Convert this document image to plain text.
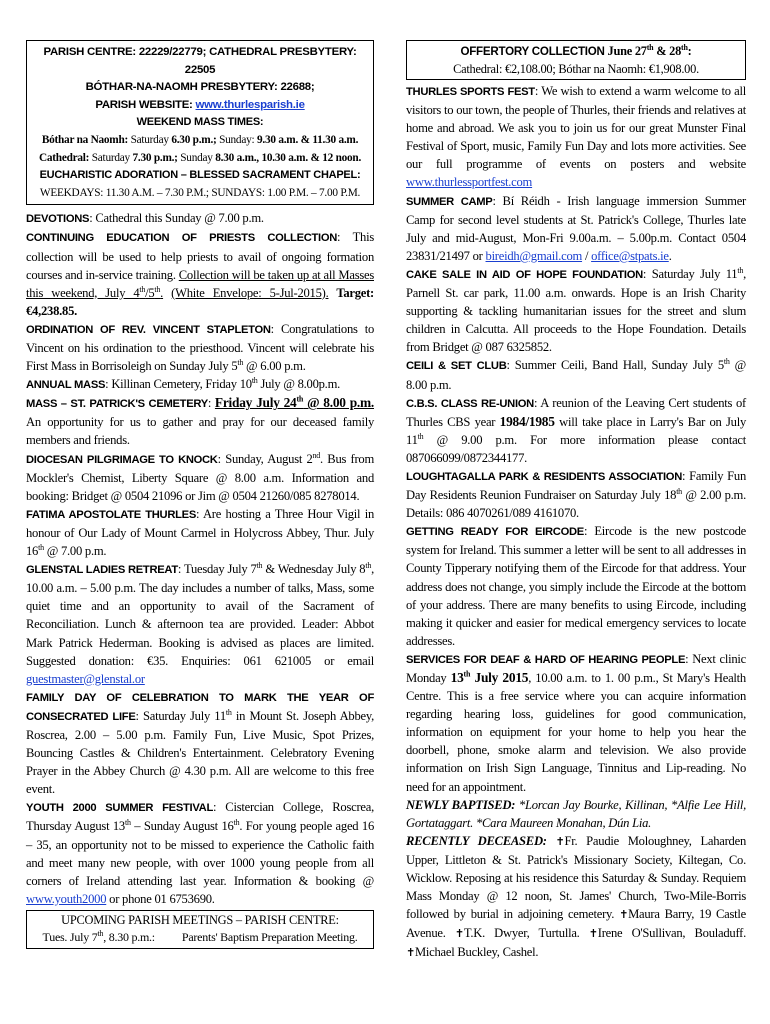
PARISH CENTRE: 22229/22779; CATHEDRAL PRESBYTERY: 22505
BÓTHAR-NA-NAOMH PRESBYTERY: 22688;
PARISH WEBSITE: www.thurlesparish.ie
WEEKEND MASS TIMES:
Bóthar na Naomh: Saturday 6.30 p.m.; Sunday: 9.30 a.m. & 11.30 a.m.
Cathedral: Saturday 7.30 p.m.; Sunday 8.30 a.m., 10.30 a.m. & 12 noon.
EUCHARISTIC ADORATION – BLESSED SACRAMENT CHAPEL:
WEEKDAYS: 11.30 A.M. – 7.30 P.M.; SUNDAYS: 1.00 P.M. – 7.00 P.M.

DEVOTIONS: Cathedral this Sunday @ 7.00 p.m.

CONTINUING EDUCATION OF PRIESTS COLLECTION: This collection will be used to help priests to avail of ongoing formation courses and in-service training. Collection will be taken up at all Masses this weekend, July 4th/5th. (White Envelope: 5-Jul-2015). Target: €4,238.85.

ORDINATION OF REV. VINCENT STAPLETON: Congratulations to Vincent on his ordination to the priesthood. Vincent will celebrate his First Mass in Borrisoleigh on Sunday July 5th @ 6.00 p.m.

ANNUAL MASS: Killinan Cemetery, Friday 10th July @ 8.00p.m.

MASS – ST. PATRICK'S CEMETERY: Friday July 24th @ 8.00 p.m. An opportunity for us to gather and pray for our deceased family members and friends.

DIOCESAN PILGRIMAGE TO KNOCK: Sunday, August 2nd. Bus from Mockler's Chemist, Liberty Square @ 8.00 a.m. Information and booking: Bridget @ 0504 21096 or Jim @ 0504 21260/085 8278014.

FATIMA APOSTOLATE THURLES: Are hosting a Three Hour Vigil in honour of Our Lady of Mount Carmel in Holycross Abbey, Thur. July 16th @ 7.00 p.m.

GLENSTAL LADIES RETREAT: Tuesday July 7th & Wednesday July 8th, 10.00 a.m. – 5.00 p.m. The day includes a number of talks, Mass, some quiet time and an opportunity to avail of the Sacrament of Reconciliation. Lunch & afternoon tea are provided. Leader: Abbot Mark Patrick Hederman. Booking is advised as places are limited. Suggested donation: €35. Enquiries: 061 621005 or email guestmaster@glenstal.or

FAMILY DAY OF CELEBRATION TO MARK THE YEAR OF CONSECRATED LIFE: Saturday July 11th in Mount St. Joseph Abbey, Roscrea, 2.00 – 5.00 p.m. Family Fun, Live Music, Spot Prizes, Bouncing Castles & Children's Entertainment. Celebratory Evening Prayer in the Abbey Church @ 4.30 p.m. All are welcome to this free event.

YOUTH 2000 SUMMER FESTIVAL: Cistercian College, Roscrea, Thursday August 13th – Sunday August 16th. For young people aged 16 – 35, an opportunity not to be missed to experience the Catholic faith and meet many new people, with over 1000 young people from all corners of Ireland attending last year. Information & booking @ www.youth2000 or phone 01 6753690.

UPCOMING PARISH MEETINGS – PARISH CENTRE:
Tues. July 7th, 8.30 p.m.: Parents' Baptism Preparation Meeting.
OFFERTORY COLLECTION June 27th & 28th:
Cathedral: €2,108.00; Bóthar na Naomh: €1,908.00.

THURLES SPORTS FEST: We wish to extend a warm welcome to all visitors to our town, the people of Thurles, their friends and relatives at home and abroad. We ask you to join us for our great Munster Final Festival of Sport, music, Family Fun Day and lots more activities. See our full programme of events on posters and website www.thurlessportfest.com

SUMMER CAMP: Bí Réidh - Irish language immersion Summer Camp for second level students at St. Patrick's College, Thurles late July and mid-August, Mon-Fri 9.00a.m. – 5.00p.m. Contact 0504 23831/21497 or bireidh@gmail.com / office@stpats.ie.

CAKE SALE IN AID OF HOPE FOUNDATION: Saturday July 11th, Parnell St. car park, 11.00 a.m. onwards. Hope is an Irish Charity supporting & tackling humanitarian issues for the street and slum children in Calcutta. All proceeds to the Hope Foundation. Details from Bridget @ 087 6325852.

CEILI & SET CLUB: Summer Ceili, Band Hall, Sunday July 5th @ 8.00 p.m.

C.B.S. CLASS RE-UNION: A reunion of the Leaving Cert students of Thurles CBS year 1984/1985 will take place in Larry's Bar on July 11th @ 9.00 p.m. For more information please contact 087066099/0872344177.

LOUGHTAGALLA PARK & RESIDENTS ASSOCIATION: Family Fun Day Residents Reunion Fundraiser on Saturday July 18th @ 2.00 p.m. Details: 086 4070261/089 4161070.

GETTING READY FOR EIRCODE: Eircode is the new postcode system for Ireland. This summer a letter will be sent to all addresses in County Tipperary notifying them of the Eircode for that address. Your address does not change, you simply include the Eircode at the bottom of your address. There are many benefits to using Eircode, including making it quicker and easier for medical emergency services to locate addresses.

SERVICES FOR DEAF & HARD OF HEARING PEOPLE: Next clinic Monday 13th July 2015, 10.00 a.m. to 1. 00 p.m., St Mary's Health Centre. This is a free service where you can acquire information regarding hearing loss, guidelines for good communication, information on equipment for your home to help you hear the doorbell, phone, smoke alarm and television. We also provide information on Irish Sign Language, Tinnitus and Lip-reading. No need for an appointment.

NEWLY BAPTISED: *Lorcan Jay Bourke, Killinan, *Alfie Lee Hill, Gortataggart. *Cara Maureen Monahan, Dún Lia.

RECENTLY DECEASED: ✝Fr. Paudie Moloughney, Laharden Upper, Littleton & St. Patrick's Missionary Society, Kiltegan, Co. Wicklow. Reposing at his residence this Saturday & Sunday. Requiem Mass Monday @ 12 noon, St. James' Church, Two-Mile-Borris followed by burial in adjoining cemetery. ✝Maura Barry, 19 Castle Avenue. ✝T.K. Dwyer, Turtulla. ✝Irene O'Sullivan, Bouladuff. ✝Michael Buckley, Cashel.
